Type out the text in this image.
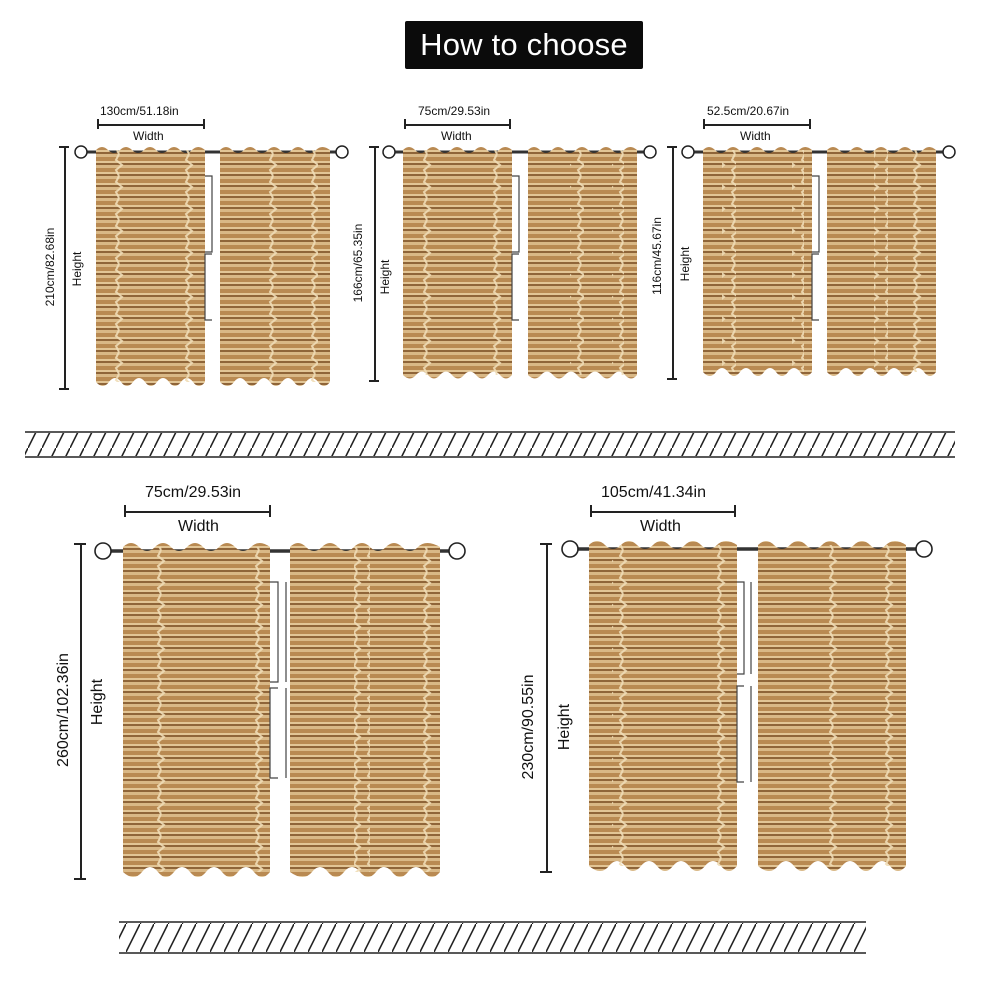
How to choose
130cm/51.18in
Width
210cm/82.68in Height
75cm/29.53in
Width
166cm/65.35in Height
52.5cm/20.67in
Width
116cm/45.67in Height
75cm/29.53in
Width
260cm/102.36in Height
105cm/41.34in
Width
230cm/90.55in Height
